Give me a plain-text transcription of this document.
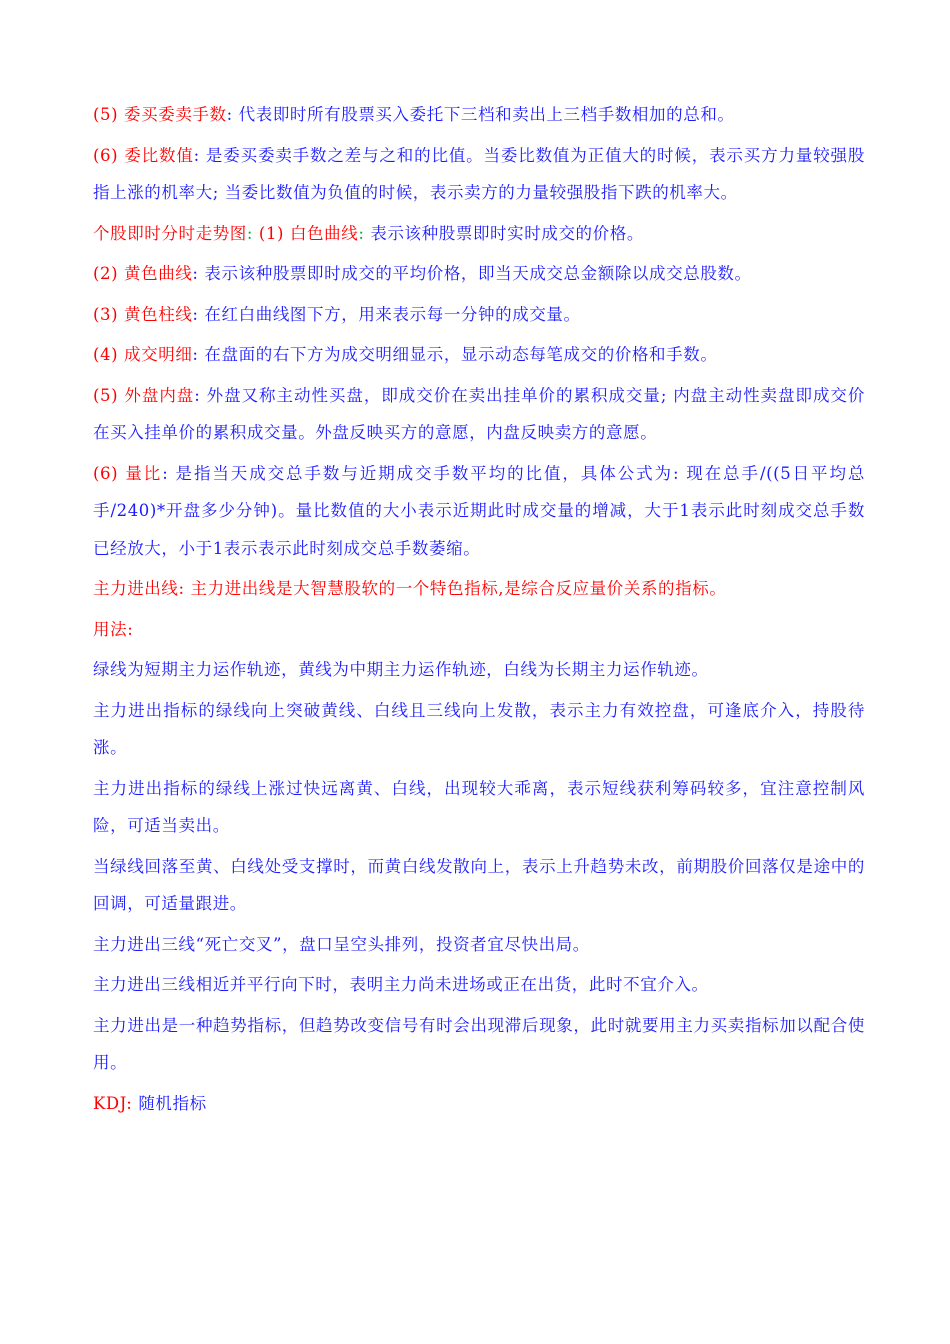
(5) 委买委卖手数: 代表即时所有股票买入委托下三档和卖出上三档手数相加的总和。

(6) 委比数值: 是委买委卖手数之差与之和的比值。当委比数值为正值大的时候，表示买方力量较强股指上涨的机率大; 当委比数值为负值的时候，表示卖方的力量较强股指下跌的机率大。

个股即时分时走势图: (1) 白色曲线: 表示该种股票即时实时成交的价格。

(2) 黄色曲线: 表示该种股票即时成交的平均价格，即当天成交总金额除以成交总股数。

(3) 黄色柱线: 在红白曲线图下方，用来表示每一分钟的成交量。

(4) 成交明细: 在盘面的右下方为成交明细显示，显示动态每笔成交的价格和手数。

(5) 外盘内盘: 外盘又称主动性买盘，即成交价在卖出挂单价的累积成交量; 内盘主动性卖盘即成交价在买入挂单价的累积成交量。外盘反映买方的意愿，内盘反映卖方的意愿。

(6) 量比: 是指当天成交总手数与近期成交手数平均的比值，具体公式为: 现在总手/((5日平均总手/240)*开盘多少分钟)。量比数值的大小表示近期此时成交量的增减，大于1表示此时刻成交总手数已经放大，小于1表示表示此时刻成交总手数萎缩。

主力进出线: 主力进出线是大智慧股软的一个特色指标,是综合反应量价关系的指标。

用法:

绿线为短期主力运作轨迹，黄线为中期主力运作轨迹，白线为长期主力运作轨迹。

主力进出指标的绿线向上突破黄线、白线且三线向上发散，表示主力有效控盘，可逢底介入，持股待涨。

主力进出指标的绿线上涨过快远离黄、白线，出现较大乖离，表示短线获利筹码较多，宜注意控制风险，可适当卖出。

当绿线回落至黄、白线处受支撑时，而黄白线发散向上，表示上升趋势未改，前期股价回落仅是途中的回调，可适量跟进。

主力进出三线“死亡交叉”，盘口呈空头排列，投资者宜尽快出局。

主力进出三线相近并平行向下时，表明主力尚未进场或正在出货，此时不宜介入。

主力进出是一种趋势指标，但趋势改变信号有时会出现滞后现象，此时就要用主力买卖指标加以配合使用。

KDJ: 随机指标
